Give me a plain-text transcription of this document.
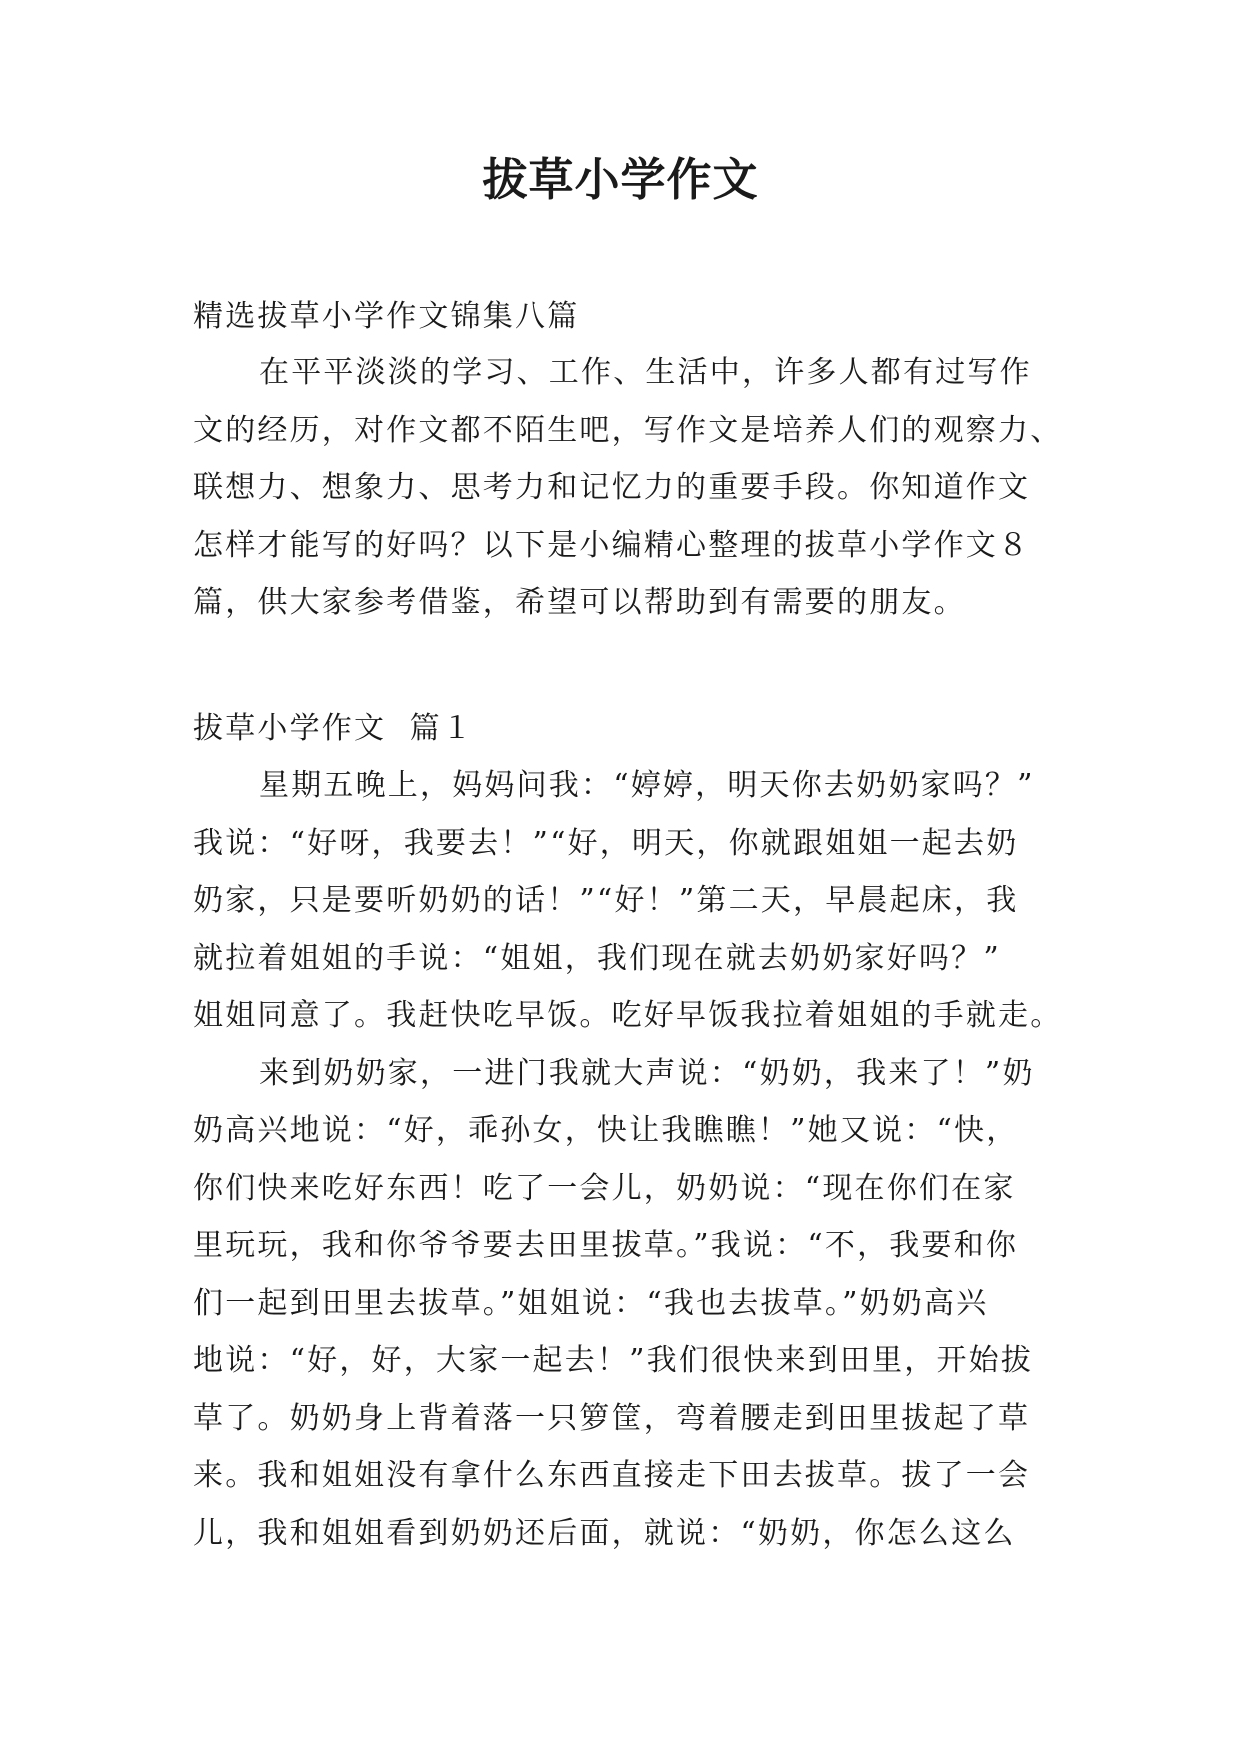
拔草小学作文
精选拔草小学作文锦集八篇
在平平淡淡的学习、工作、生活中，许多人都有过写作
文的经历，对作文都不陌生吧，写作文是培养人们的观察力、
联想力、想象力、思考力和记忆力的重要手段。你知道作文
怎样才能写的好吗？以下是小编精心整理的拔草小学作文８
篇，供大家参考借鉴，希望可以帮助到有需要的朋友。
拔草小学作文  篇１
星期五晚上，妈妈问我：“婷婷，明天你去奶奶家吗？”
我说：“好呀，我要去！”“好，明天，你就跟姐姐一起去奶
奶家，只是要听奶奶的话！”“好！”第二天，早晨起床，我
就拉着姐姐的手说：“姐姐，我们现在就去奶奶家好吗？”
姐姐同意了。我赶快吃早饭。吃好早饭我拉着姐姐的手就走。
来到奶奶家，一进门我就大声说：“奶奶，我来了！”奶
奶高兴地说：“好，乖孙女，快让我瞧瞧！”她又说：“快，
你们快来吃好东西！吃了一会儿，奶奶说：“现在你们在家
里玩玩，我和你爷爷要去田里拔草。”我说：“不，我要和你
们一起到田里去拔草。”姐姐说：“我也去拔草。”奶奶高兴
地说：“好，好，大家一起去！”我们很快来到田里，开始拔
草了。奶奶身上背着落一只箩筐，弯着腰走到田里拔起了草
来。我和姐姐没有拿什么东西直接走下田去拔草。拔了一会
儿，我和姐姐看到奶奶还后面，就说：“奶奶，你怎么这么
